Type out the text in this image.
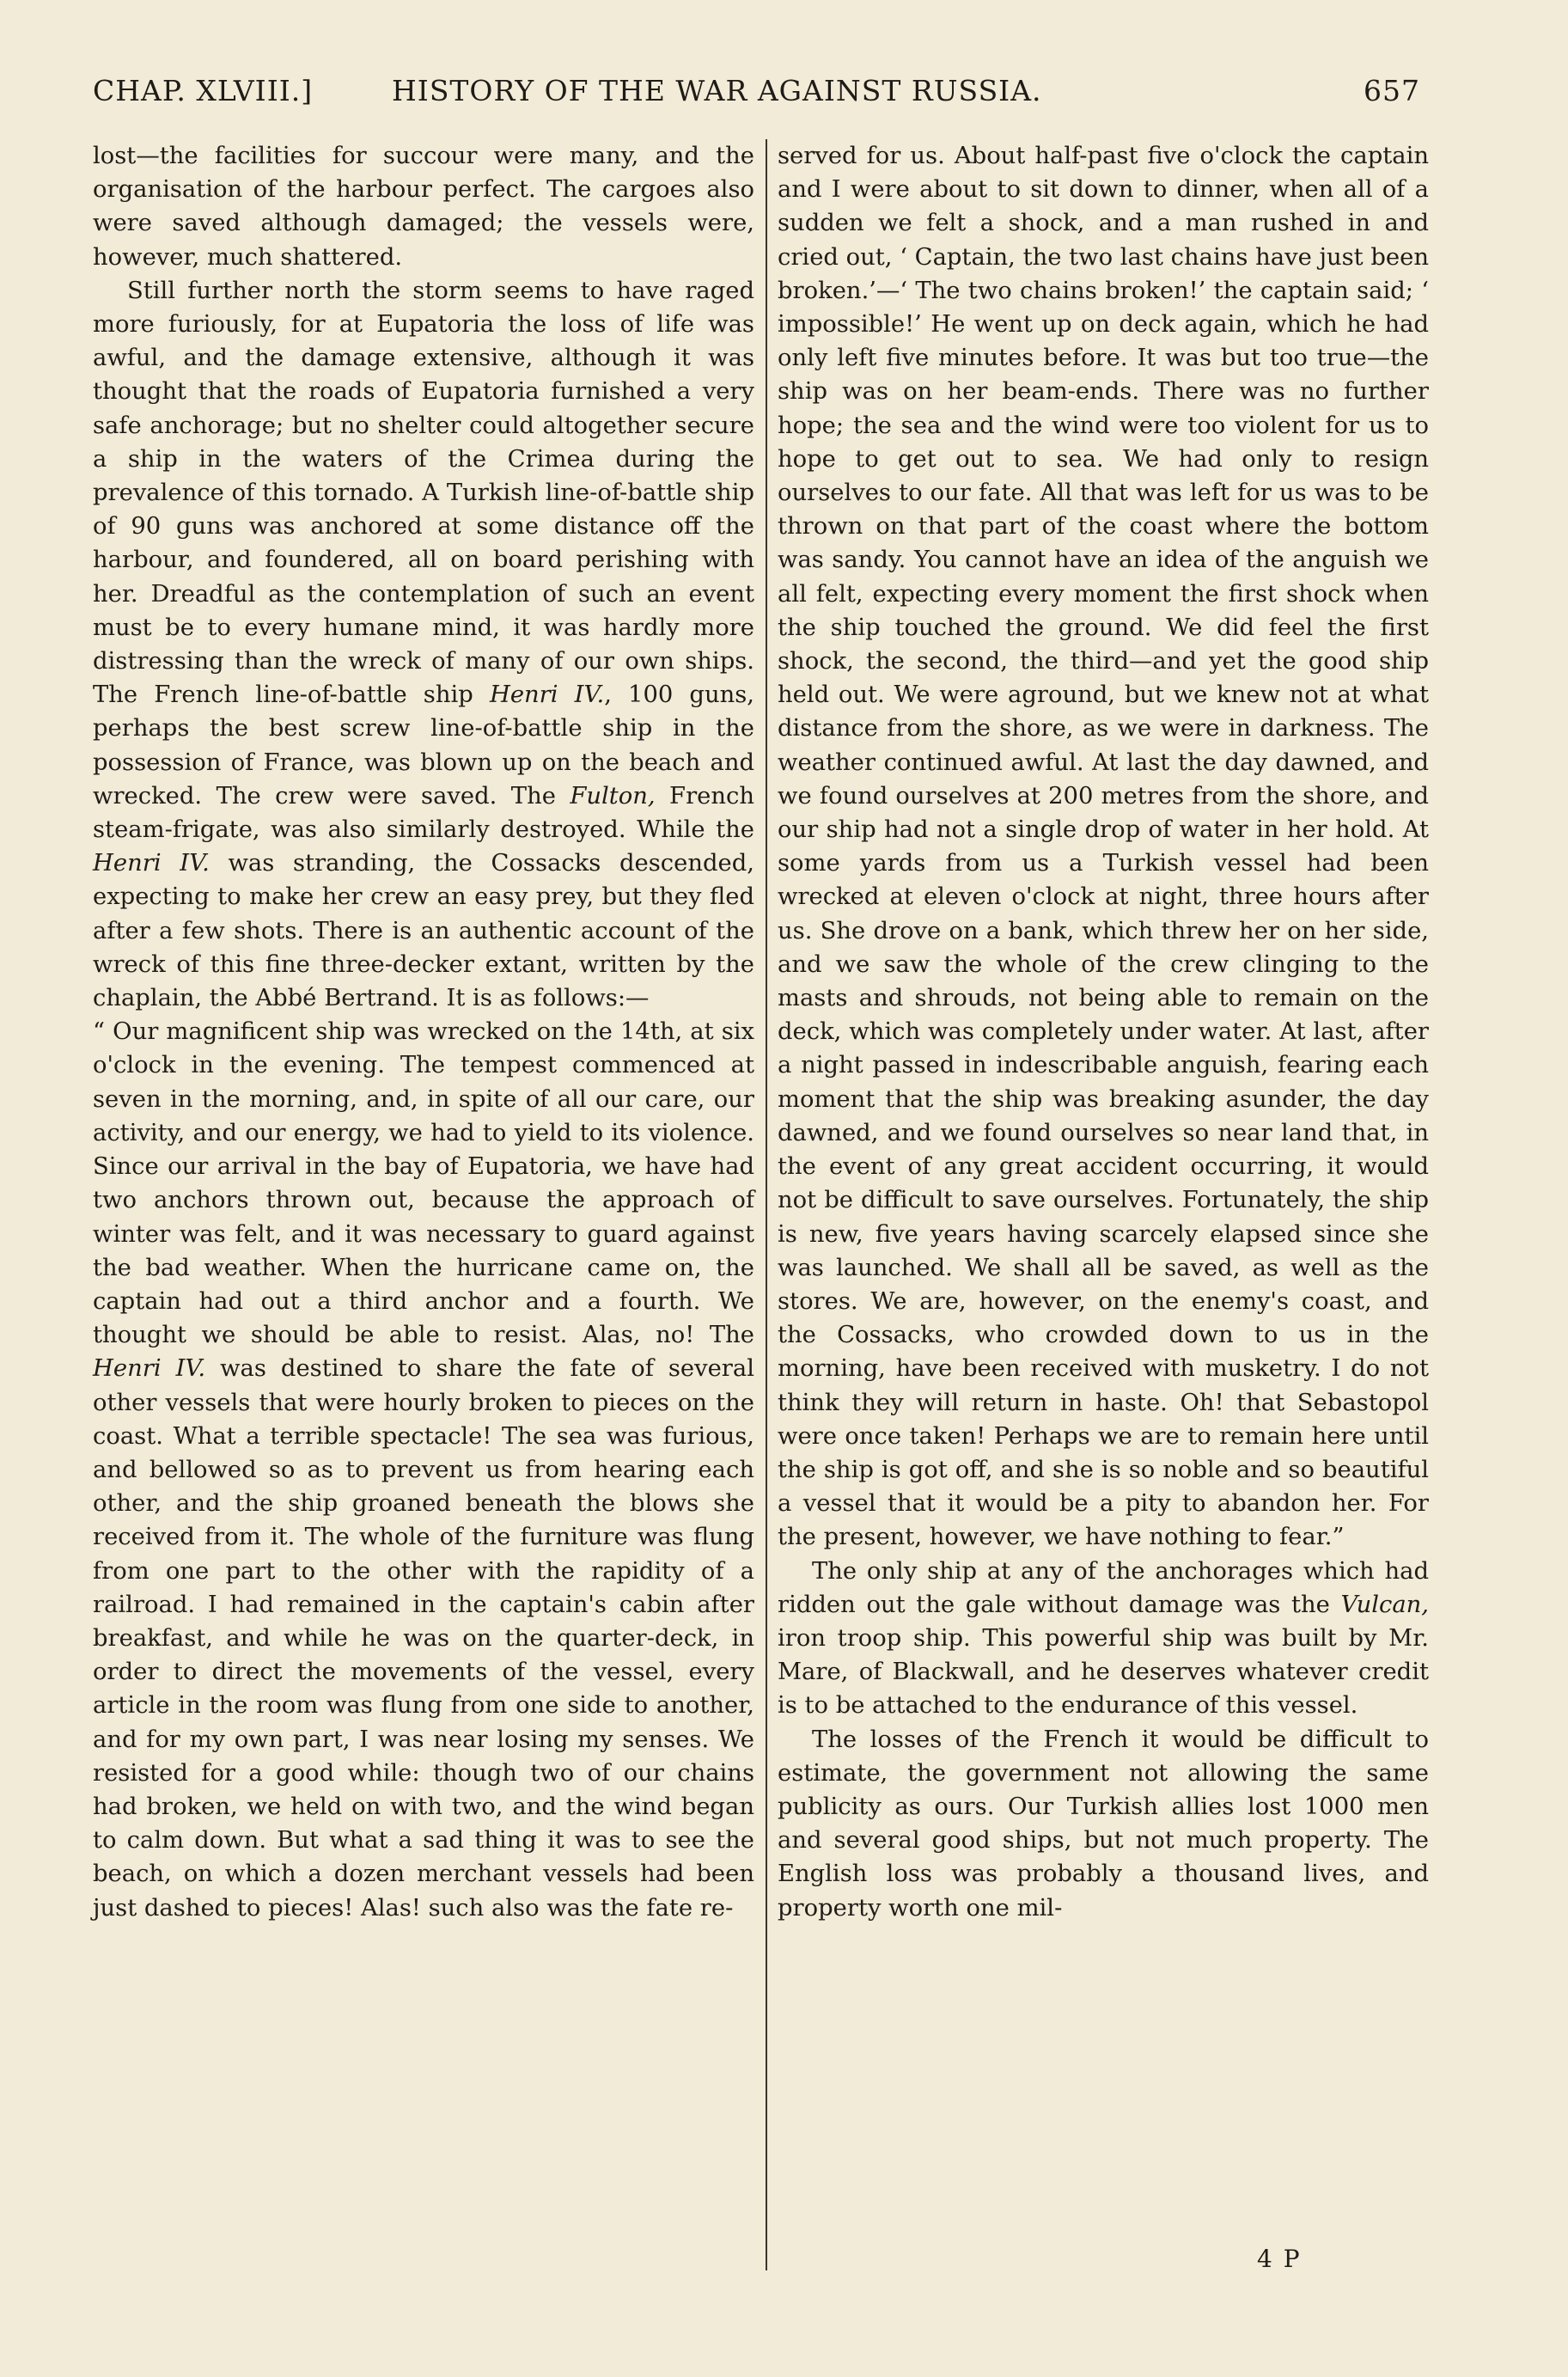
CHAP. XLVIII.]	HISTORY OF THE WAR AGAINST RUSSIA.	657

lost—the facilities for succour were many, and the organisation of the harbour perfect. The cargoes also were saved although damaged; the vessels were, however, much shattered.

Still further north the storm seems to have raged more furiously, for at Eupatoria the loss of life was awful, and the damage extensive, although it was thought that the roads of Eupatoria furnished a very safe anchorage; but no shelter could altogether secure a ship in the waters of the Crimea during the prevalence of this tornado. A Turkish line-of-battle ship of 90 guns was anchored at some distance off the harbour, and foundered, all on board perishing with her. Dreadful as the contemplation of such an event must be to every humane mind, it was hardly more distressing than the wreck of many of our own ships. The French line-of-battle ship Henri IV., 100 guns, perhaps the best screw line-of-battle ship in the possession of France, was blown up on the beach and wrecked. The crew were saved. The Fulton, French steam-frigate, was also similarly destroyed. While the Henri IV. was stranding, the Cossacks descended, expecting to make her crew an easy prey, but they fled after a few shots. There is an authentic account of the wreck of this fine three-decker extant, written by the chaplain, the Abbé Bertrand. It is as follows:—

“ Our magnificent ship was wrecked on the 14th, at six o'clock in the evening. The tempest commenced at seven in the morning, and, in spite of all our care, our activity, and our energy, we had to yield to its violence. Since our arrival in the bay of Eupatoria, we have had two anchors thrown out, because the approach of winter was felt, and it was necessary to guard against the bad weather. When the hurricane came on, the captain had out a third anchor and a fourth. We thought we should be able to resist. Alas, no! The Henri IV. was destined to share the fate of several other vessels that were hourly broken to pieces on the coast. What a terrible spectacle! The sea was furious, and bellowed so as to prevent us from hearing each other, and the ship groaned beneath the blows she received from it. The whole of the furniture was flung from one part to the other with the rapidity of a railroad. I had remained in the captain's cabin after breakfast, and while he was on the quarter-deck, in order to direct the movements of the vessel, every article in the room was flung from one side to another, and for my own part, I was near losing my senses. We resisted for a good while: though two of our chains had broken, we held on with two, and the wind began to calm down. But what a sad thing it was to see the beach, on which a dozen merchant vessels had been just dashed to pieces! Alas! such also was the fate re-

served for us. About half-past five o'clock the captain and I were about to sit down to dinner, when all of a sudden we felt a shock, and a man rushed in and cried out, ‘ Captain, the two last chains have just been broken.’—‘ The two chains broken!’ the captain said; ‘ impossible!’ He went up on deck again, which he had only left five minutes before. It was but too true—the ship was on her beam-ends. There was no further hope; the sea and the wind were too violent for us to hope to get out to sea. We had only to resign ourselves to our fate. All that was left for us was to be thrown on that part of the coast where the bottom was sandy. You cannot have an idea of the anguish we all felt, expecting every moment the first shock when the ship touched the ground. We did feel the first shock, the second, the third—and yet the good ship held out. We were aground, but we knew not at what distance from the shore, as we were in darkness. The weather continued awful. At last the day dawned, and we found ourselves at 200 metres from the shore, and our ship had not a single drop of water in her hold. At some yards from us a Turkish vessel had been wrecked at eleven o'clock at night, three hours after us. She drove on a bank, which threw her on her side, and we saw the whole of the crew clinging to the masts and shrouds, not being able to remain on the deck, which was completely under water. At last, after a night passed in indescribable anguish, fearing each moment that the ship was breaking asunder, the day dawned, and we found ourselves so near land that, in the event of any great accident occurring, it would not be difficult to save ourselves. Fortunately, the ship is new, five years having scarcely elapsed since she was launched. We shall all be saved, as well as the stores. We are, however, on the enemy's coast, and the Cossacks, who crowded down to us in the morning, have been received with musketry. I do not think they will return in haste. Oh! that Sebastopol were once taken! Perhaps we are to remain here until the ship is got off, and she is so noble and so beautiful a vessel that it would be a pity to abandon her. For the present, however, we have nothing to fear.”

The only ship at any of the anchorages which had ridden out the gale without damage was the Vulcan, iron troop ship. This powerful ship was built by Mr. Mare, of Blackwall, and he deserves whatever credit is to be attached to the endurance of this vessel.

The losses of the French it would be difficult to estimate, the government not allowing the same publicity as ours. Our Turkish allies lost 1000 men and several good ships, but not much property. The English loss was probably a thousand lives, and property worth one mil-

4 P
